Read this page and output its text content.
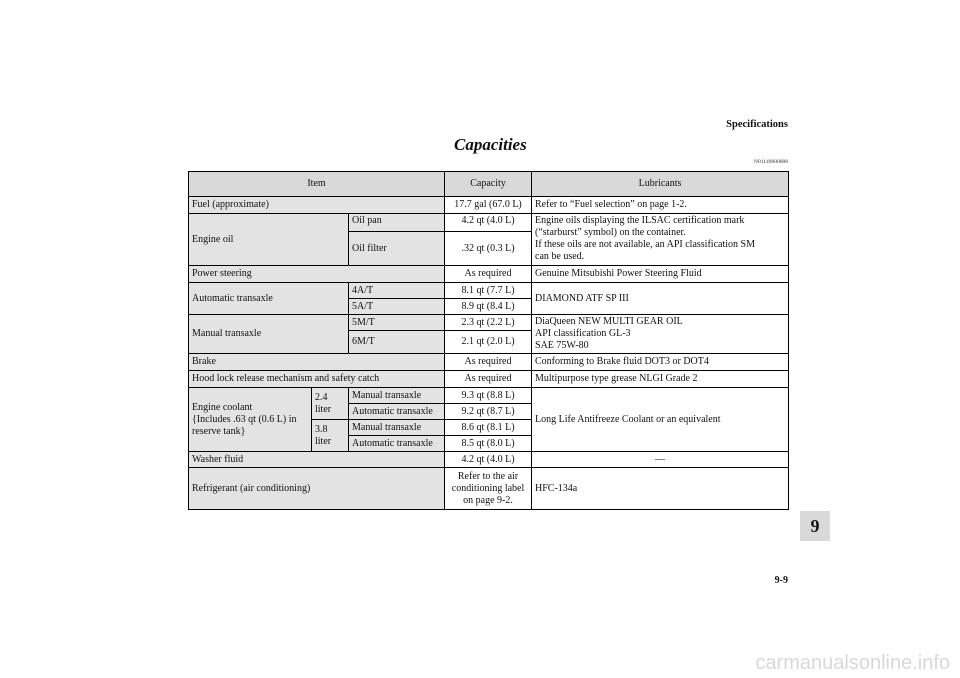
Specifications
Capacities
N01149000888
Item			Capacity	Lubricants
Fuel (approximate)			17.7 gal (67.0 L)	Refer to “Fuel selection” on page 1-2.
Engine oil		Oil pan	4.2 qt (4.0 L)	Engine oils displaying the ILSAC certification mark
(“starburst” symbol) on the container.
If these oils are not available, an API classification SM
can be used.

		Oil filter	.32 qt (0.3 L)	
Power steering			As required	Genuine Mitsubishi Power Steering Fluid
Automatic transaxle		4A/T	8.1 qt (7.7 L)	DIAMOND ATF SP III
		5A/T	8.9 qt (8.4 L)	
Manual transaxle		5M/T	2.3 qt (2.2 L)	DiaQueen NEW MULTI GEAR OIL
API classification GL-3
SAE 75W-80

		6M/T	2.1 qt (2.0 L)	
Brake			As required	Conforming to Brake fluid DOT3 or DOT4
Hood lock release mechanism and safety catch			As required	Multipurpose type grease NLGI Grade 2

Engine coolant
{Includes .63 qt (0.6 L) in
reserve tank}	2.4 liter	Manual transaxle	9.3 qt (8.8 L)	Long Life Antifreeze Coolant or an equivalent
		Automatic transaxle	9.2 qt (8.7 L)	
	3.8 liter	Manual transaxle	8.6 qt (8.1 L)	
		Automatic transaxle	8.5 qt (8.0 L)	
Washer fluid			4.2 qt (4.0 L)	—
Refrigerant (air conditioning)			Refer to the air
conditioning label
on page 9-2.	HFC-134a
9
9-9
carmanualsonline.info
